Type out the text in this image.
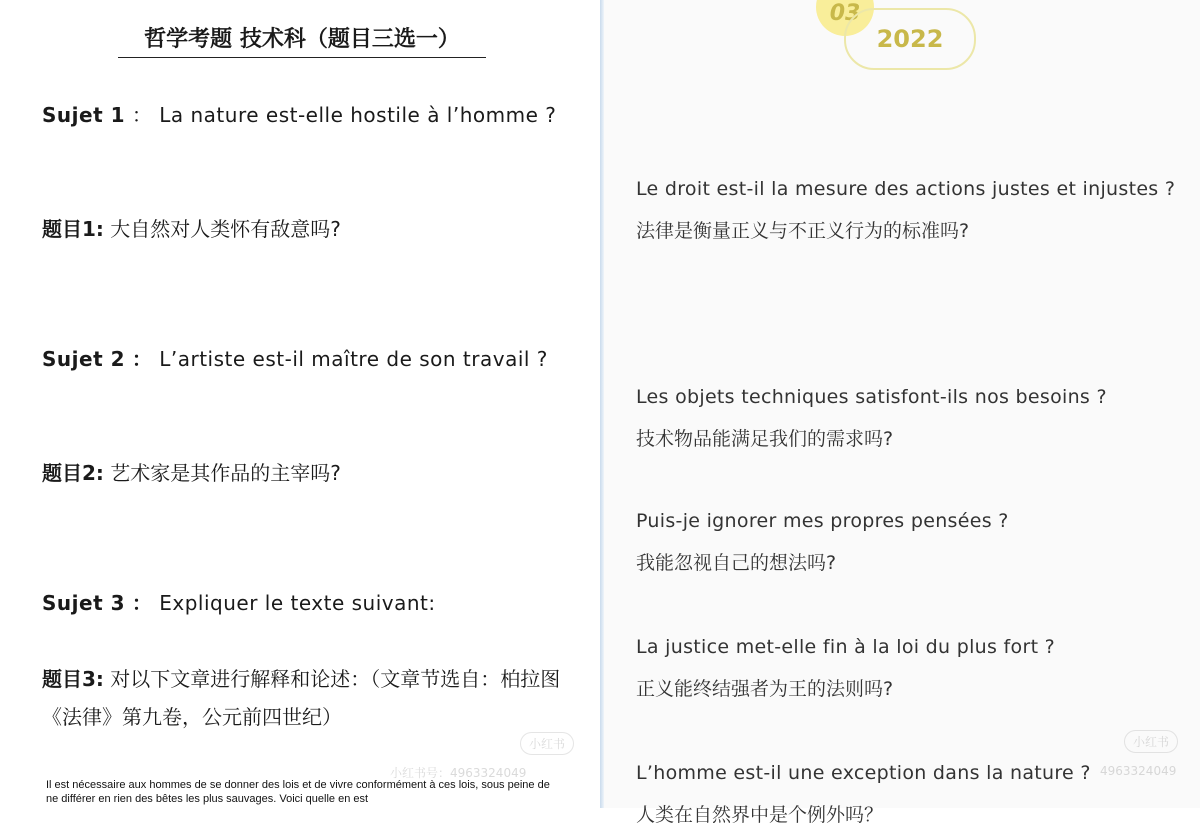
哲学考题 技术科（题目三选一）
Sujet 1 ： La nature est-elle hostile à l’homme ?
题目1: 大自然对人类怀有敌意吗?
Sujet 2 ： L’artiste est-il maître de son travail ?
题目2: 艺术家是其作品的主宰吗?
Sujet 3 ： Expliquer le texte suivant:
题目3: 对以下文章进行解释和论述：（文章节选自：柏拉图《法律》第九卷，公元前四世纪）
小红书
小红书号：4963324049
Il est nécessaire aux hommes de se donner des lois et de vivre conformément à ces lois, sous peine de ne différer en rien des bêtes les plus sauvages. Voici quelle en est
03
2022
Le droit est-il la mesure des actions justes et injustes ?
法律是衡量正义与不正义行为的标准吗?
Les objets techniques satisfont-ils nos besoins ?
技术物品能满足我们的需求吗?
Puis-je ignorer mes propres pensées ?
我能忽视自己的想法吗?
La justice met-elle fin à la loi du plus fort ?
正义能终结强者为王的法则吗?
L’homme est-il une exception dans la nature ?
人类在自然界中是个例外吗？
小红书
4963324049
